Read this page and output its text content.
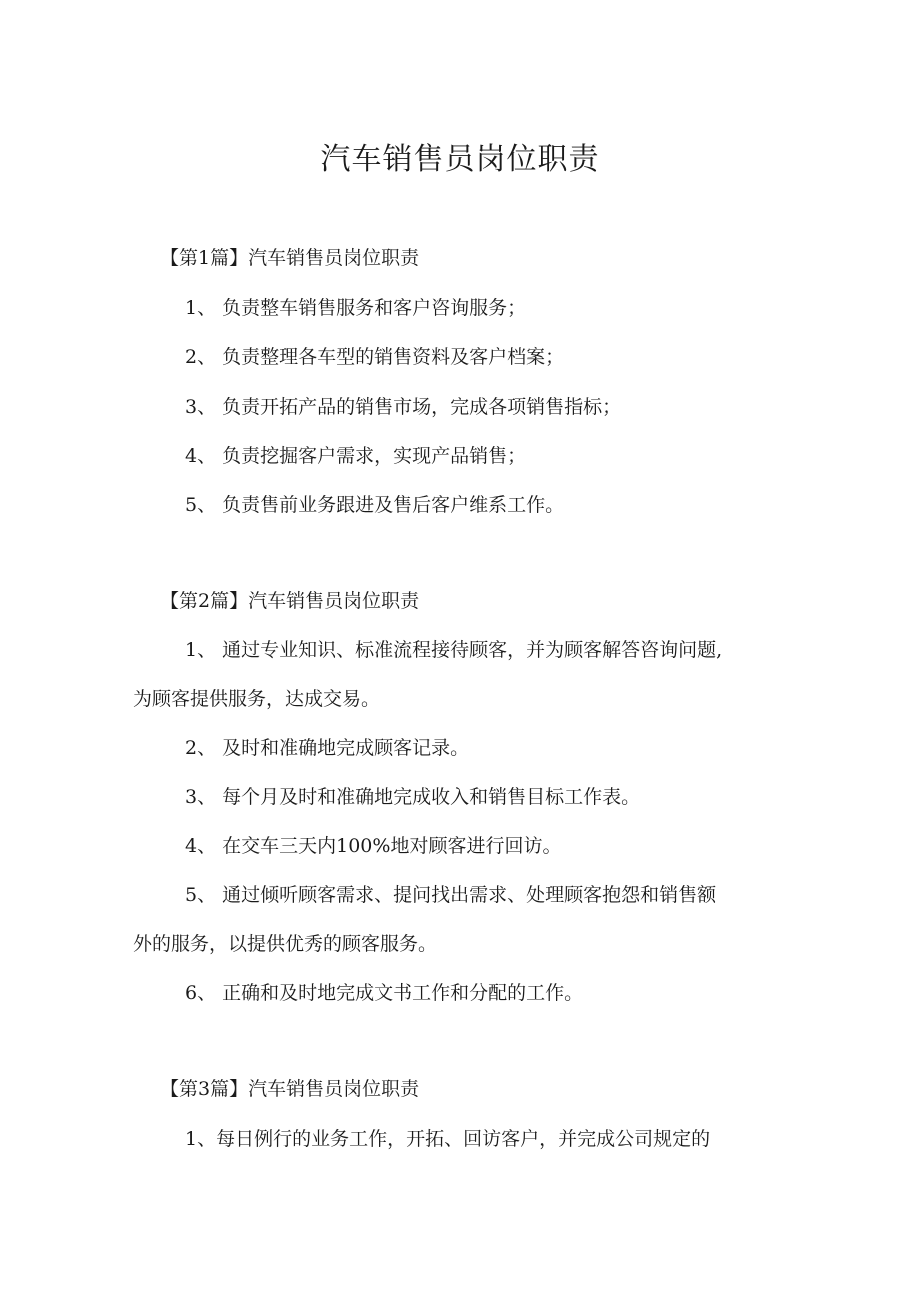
汽车销售员岗位职责

【第1篇】汽车销售员岗位职责

1、 负责整车销售服务和客户咨询服务；

2、 负责整理各车型的销售资料及客户档案；

3、 负责开拓产品的销售市场，完成各项销售指标；

4、 负责挖掘客户需求，实现产品销售；

5、 负责售前业务跟进及售后客户维系工作。

【第2篇】汽车销售员岗位职责

1、 通过专业知识、标准流程接待顾客，并为顾客解答咨询问题,

为顾客提供服务，达成交易。

2、 及时和准确地完成顾客记录。

3、 每个月及时和准确地完成收入和销售目标工作表。

4、 在交车三天内100%地对顾客进行回访。

5、 通过倾听顾客需求、提问找出需求、处理顾客抱怨和销售额

外的服务，以提供优秀的顾客服务。

6、 正确和及时地完成文书工作和分配的工作。

【第3篇】汽车销售员岗位职责

1、每日例行的业务工作，开拓、回访客户，并完成公司规定的
